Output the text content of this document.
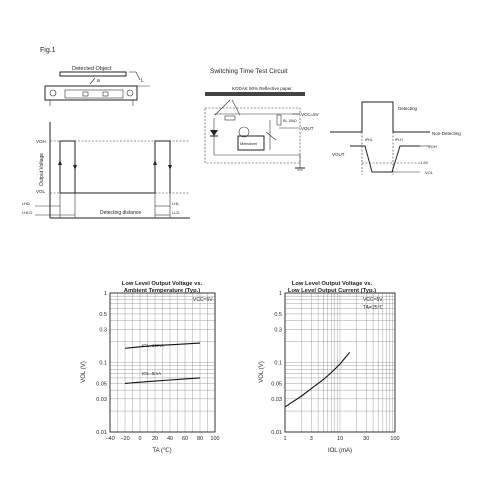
Fig.1
Detected Object
L
a
Output Voltage
VOH
VOL
LHD
LHLD
LHL
LLD
Detecting distance
Switching Time Test Circuit
KODAK 90% Reflective paper
Metrobrel
RL 10kΩ
VCC=5V
VOUT
Detecting
Non-Detecting
tPHL	tPLH
VOUT
VOH
1.5V
VOL
Low Level Output Voltage vs.
Ambient Temperature (Typ.)
VCC=5V
TA (℃)
VOL (V)
1
0.5
0.3
0.1
0.05
0.03
0.01
−40 −20 0 20 40 60 80 100
IOL=16mA
IOL=5mA
Low Level Output Voltage vs.
Low Level Output Current (Typ.)
VCC=5V
TA=25℃
IOL (mA)
VOL (V)
1
0.5
0.3
0.1
0.05
0.03
0.01
1	3	10	30	100
